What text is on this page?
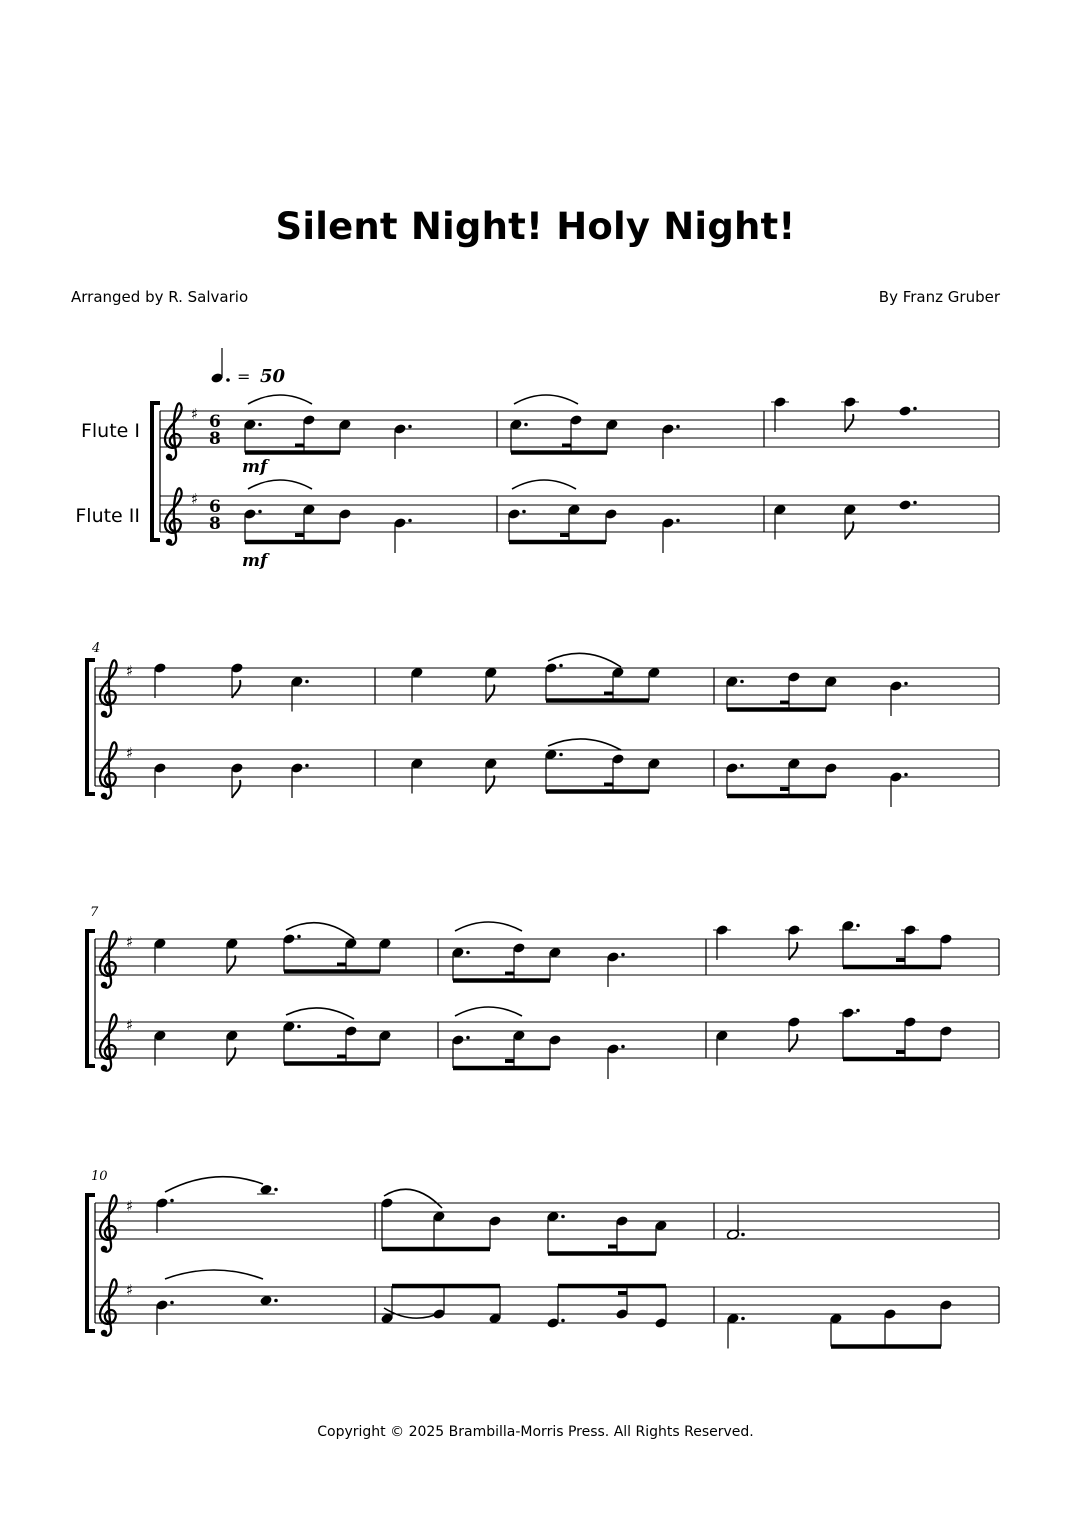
Silent Night! Holy Night!
Arranged by R. Salvario	By Franz Gruber
♯
♯
6
8
6
8
= 50
Flute I
Flute II
mf
mf
♯
♯
4
♯
♯
7
♯
♯
10
Copyright © 2025 Brambilla-Morris Press. All Rights Reserved.
